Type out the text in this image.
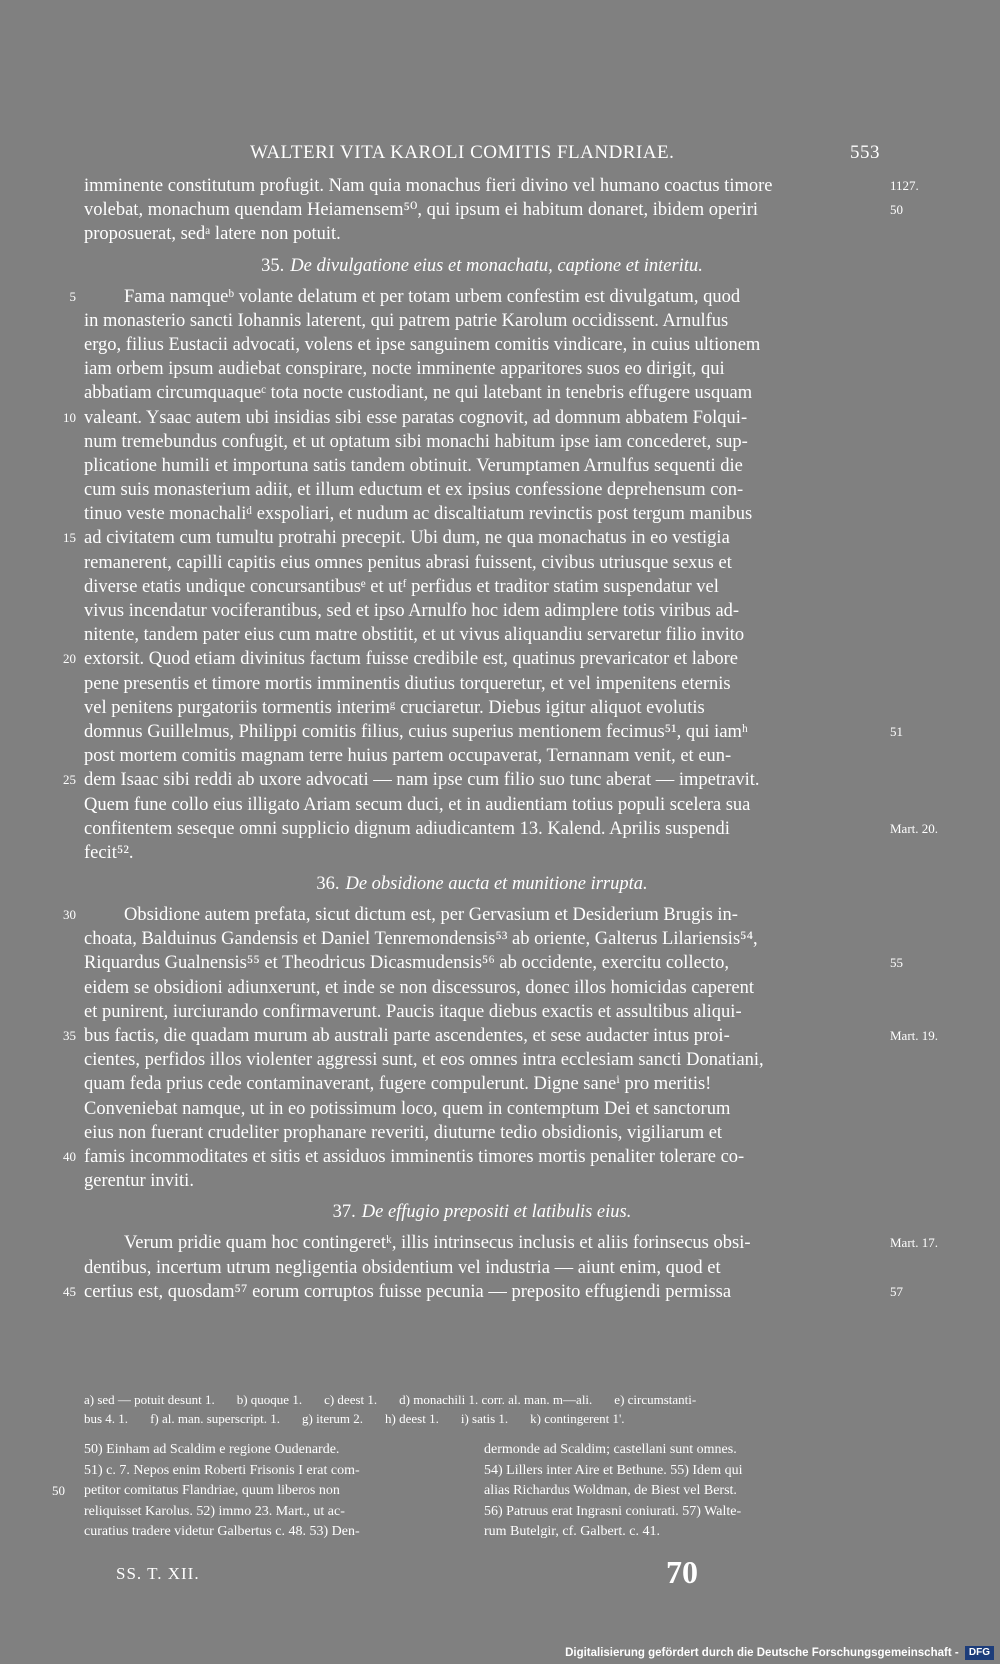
WALTERI VITA KAROLI COMITIS FLANDRIAE.	553
imminente constitutum profugit. Nam quia monachus fieri divino vel humano coactus timore	1127.
volebat, monachum quendam Heiamensem⁵⁰, qui ipsum ei habitum donaret, ibidem operiri	50
proposuerat, sedᵃ latere non potuit.
35. De divulgatione eius et monachatu, captione et interitu.
Fama namqueᵇ volante delatum et per totam urbem confestim est divulgatum, quod
5
in monasterio sancti Iohannis laterent, qui patrem patrie Karolum occidissent. Arnulfus
ergo, filius Eustacii advocati, volens et ipse sanguinem comitis vindicare, in cuius ultionem
iam orbem ipsum audiebat conspirare, nocte imminente apparitores suos eo dirigit, qui
abbatiam circumquaqueᶜ tota nocte custodiant, ne qui latebant in tenebris effugere usquam
valeant. Ysaac autem ubi insidias sibi esse paratas cognovit, ad domnum abbatem Folqui-
10
num tremebundus confugit, et ut optatum sibi monachi habitum ipse iam concederet, sup-
plicatione humili et importuna satis tandem obtinuit. Verumptamen Arnulfus sequenti die
cum suis monasterium adiit, et illum eductum et ex ipsius confessione deprehensum con-
tinuo veste monachaliᵈ exspoliari, et nudum ac discaltiatum revinctis post tergum manibus
ad civitatem cum tumultu protrahi precepit. Ubi dum, ne qua monachatus in eo vestigia
15
remanerent, capilli capitis eius omnes penitus abrasi fuissent, civibus utriusque sexus et
diverse etatis undique concursantibusᵉ et utᶠ perfidus et traditor statim suspendatur vel
vivus incendatur vociferantibus, sed et ipso Arnulfo hoc idem adimplere totis viribus ad-
nitente, tandem pater eius cum matre obstitit, et ut vivus aliquandiu servaretur filio invito
extorsit. Quod etiam divinitus factum fuisse credibile est, quatinus prevaricator et labore
20
pene presentis et timore mortis imminentis diutius torqueretur, et vel impenitens eternis
vel penitens purgatoriis tormentis interimᵍ cruciaretur. Diebus igitur aliquot evolutis
domnus Guillelmus, Philippi comitis filius, cuius superius mentionem fecimus⁵¹, qui iamʰ	51
post mortem comitis magnam terre huius partem occupaverat, Ternannam venit, et eun-
dem Isaac sibi reddi ab uxore advocati — nam ipse cum filio suo tunc aberat — impetravit.
25
Quem fune collo eius illigato Ariam secum duci, et in audientiam totius populi scelera sua
confitentem seseque omni supplicio dignum adiudicantem 13. Kalend. Aprilis suspendi	Mart. 20.
fecit⁵².
36. De obsidione aucta et munitione irrupta.
Obsidione autem prefata, sicut dictum est, per Gervasium et Desiderium Brugis in-
30
choata, Balduinus Gandensis et Daniel Tenremondensis⁵³ ab oriente, Galterus Lilariensis⁵⁴,
Riquardus Gualnensis⁵⁵ et Theodricus Dicasmudensis⁵⁶ ab occidente, exercitu collecto,	55
eidem se obsidioni adiunxerunt, et inde se non discessuros, donec illos homicidas caperent
et punirent, iurciurando confirmaverunt. Paucis itaque diebus exactis et assultibus aliqui-
bus factis, die quadam murum ab australi parte ascendentes, et sese audacter intus proi-
35	Mart. 19.
cientes, perfidos illos violenter aggressi sunt, et eos omnes intra ecclesiam sancti Donatiani,
quam feda prius cede contaminaverant, fugere compulerunt. Digne saneⁱ pro meritis!
Conveniebat namque, ut in eo potissimum loco, quem in contemptum Dei et sanctorum
eius non fuerant crudeliter prophanare reveriti, diuturne tedio obsidionis, vigiliarum et
famis incommoditates et sitis et assiduos imminentis timores mortis penaliter tolerare co-
40
gerentur inviti.
37. De effugio prepositi et latibulis eius.
Verum pridie quam hoc contingeretᵏ, illis intrinsecus inclusis et aliis forinsecus obsi-	Mart. 17.
dentibus, incertum utrum negligentia obsidentium vel industria — aiunt enim, quod et
certius est, quosdam⁵⁷ eorum corruptos fuisse pecunia — preposito effugiendi permissa
45	57
a) sed — potuit desunt 1. b) quoque 1. c) deest 1. d) monachili 1. corr. al. man. m—ali. e) circumstanti-
bus 4. 1. f) al. man. superscript. 1. g) iterum 2. h) deest 1. i) satis 1. k) contingerent 1'.
50) Einham ad Scaldim e regione Oudenarde.
51) c. 7. Nepos enim Roberti Frisonis I erat com-
petitor comitatus Flandriae, quum liberos non
50
reliquisset Karolus. 52) immo 23. Mart., ut ac-
curatius tradere videtur Galbertus c. 48. 53) Den-
dermonde ad Scaldim; castellani sunt omnes.
54) Lillers inter Aire et Bethune. 55) Idem qui
alias Richardus Woldman, de Biest vel Berst.
56) Patruus erat Ingrasni coniurati. 57) Walte-
rum Butelgir, cf. Galbert. c. 41.
SS. T. XII.	70
Digitalisierung gefördert durch die Deutsche Forschungsgemeinschaft - DFG
